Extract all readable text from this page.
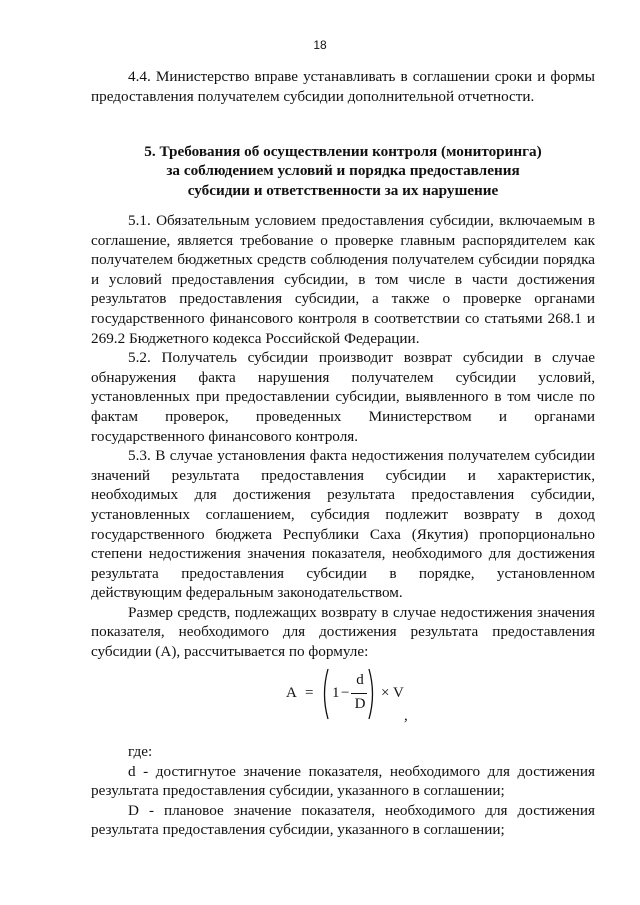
18

4.4. Министерство вправе устанавливать в соглашении сроки и формы предоставления получателем субсидии дополнительной отчетности.

5. Требования об осуществлении контроля (мониторинга)
за соблюдением условий и порядка предоставления
субсидии и ответственности за их нарушение

5.1. Обязательным условием предоставления субсидии, включаемым в соглашение, является требование о проверке главным распорядителем как получателем бюджетных средств соблюдения получателем субсидии порядка и условий предоставления субсидии, в том числе в части достижения результатов предоставления субсидии, а также о проверке органами государственного финансового контроля в соответствии со статьями 268.1 и 269.2 Бюджетного кодекса Российской Федерации.

5.2. Получатель субсидии производит возврат субсидии в случае обнаружения факта нарушения получателем субсидии условий, установленных при предоставлении субсидии, выявленного в том числе по фактам проверок, проведенных Министерством и органами государственного финансового контроля.

5.3. В случае установления факта недостижения получателем субсидии значений результата предоставления субсидии и характеристик, необходимых для достижения результата предоставления субсидии, установленных соглашением, субсидия подлежит возврату в доход государственного бюджета Республики Саха (Якутия) пропорционально степени недостижения значения показателя, необходимого для достижения результата предоставления субсидии в порядке, установленном действующим федеральным законодательством.

Размер средств, подлежащих возврату в случае недостижения значения показателя, необходимого для достижения результата предоставления субсидии (А), рассчитывается по формуле:

A = 1 −
d
D
× V
,

где:

d - достигнутое значение показателя, необходимого для достижения результата предоставления субсидии, указанного в соглашении;

D - плановое значение показателя, необходимого для достижения результата предоставления субсидии, указанного в соглашении;
